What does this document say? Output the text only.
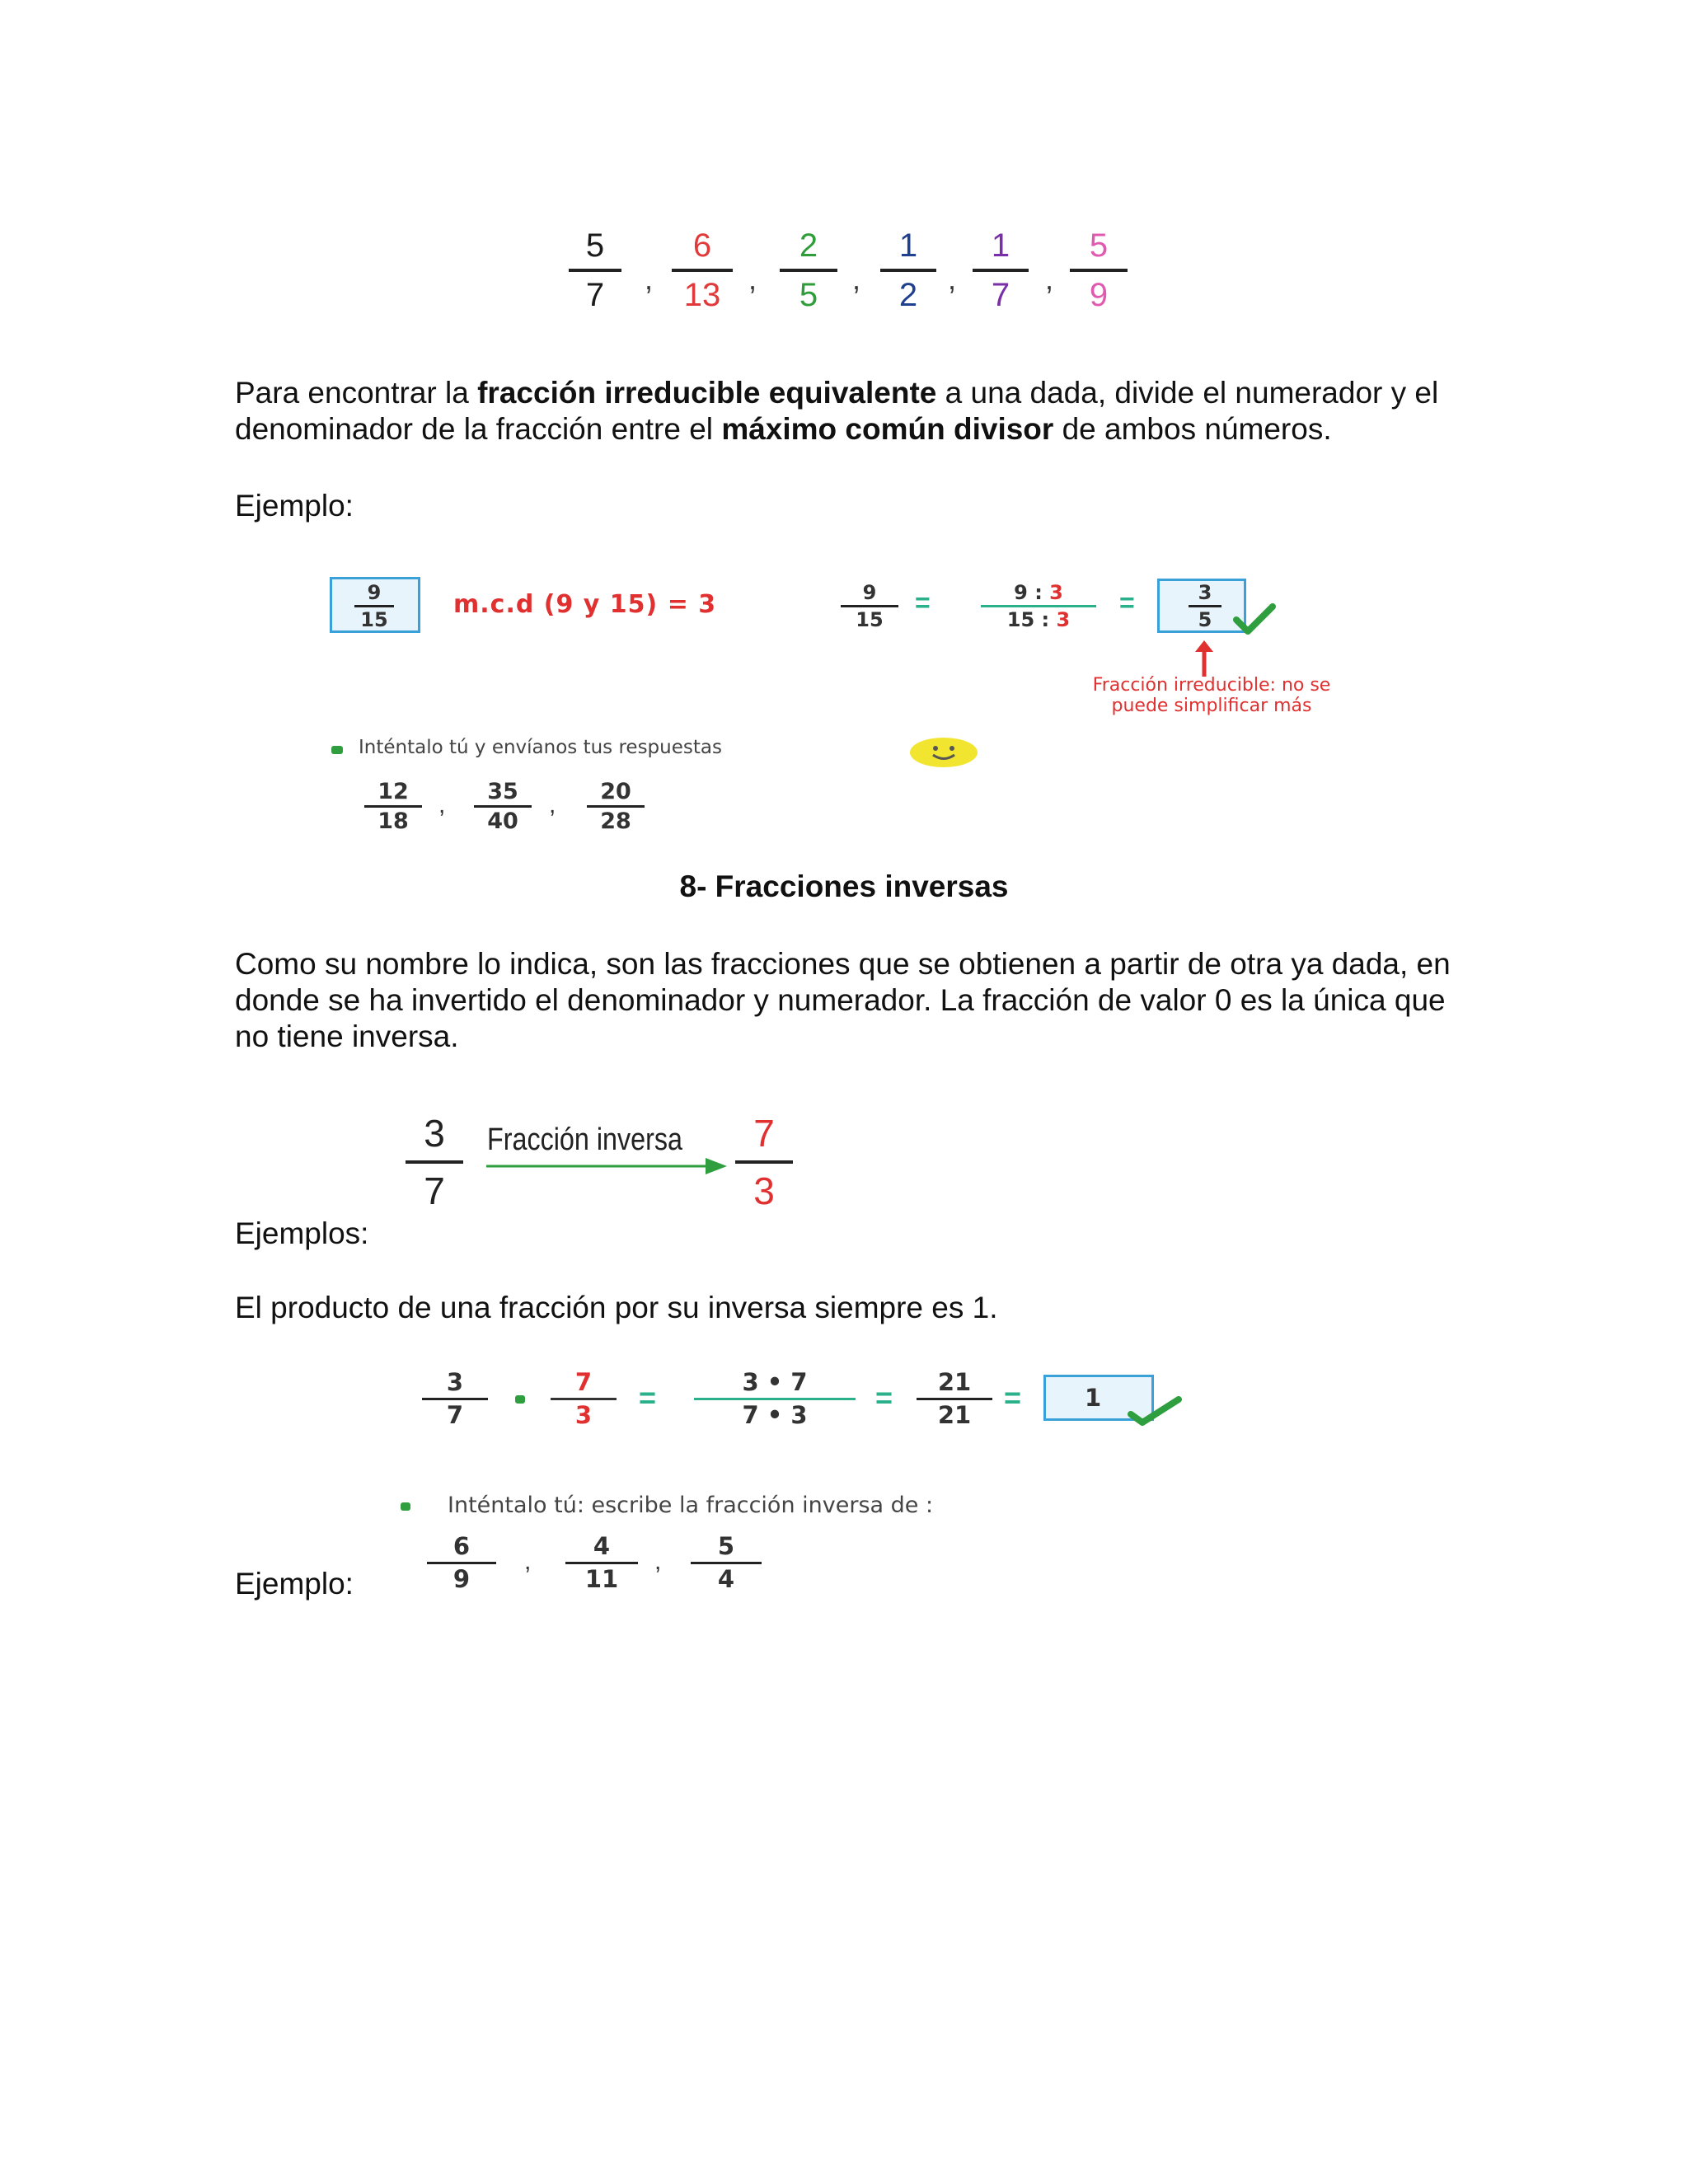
5
7 ,
6
13 ,
2
5 ,
1
2 ,
1
7 ,
5
9
Para encontrar la fracción irreducible equivalente a una dada, divide el numerador y el denominador de la fracción entre el máximo común divisor de ambos números.
Ejemplo:
9
15
m.c.d (9 y 15) = 3	9
15
=	9 : 3
15 : 3
=	3
5
Fracción irreducible: no se
puede simplificar más
Inténtalo tú y envíanos tus respuestas
12
18
, 35
40
, 20
28
8- Fracciones inversas
Como su nombre lo indica, son las fracciones que se obtienen a partir de otra ya dada, en donde se ha invertido el denominador y numerador. La fracción de valor 0 es la única que no tiene inversa.
3
7
Fracción inversa 7
3
Ejemplos:
El producto de una fracción por su inversa siempre es 1.
3
7
7
3
=	3 • 7
7 • 3
= 21
21
=	1
Inténtalo tú: escribe la fracción inversa de :
6
9
,
4
11
,
5
4
Ejemplo:
